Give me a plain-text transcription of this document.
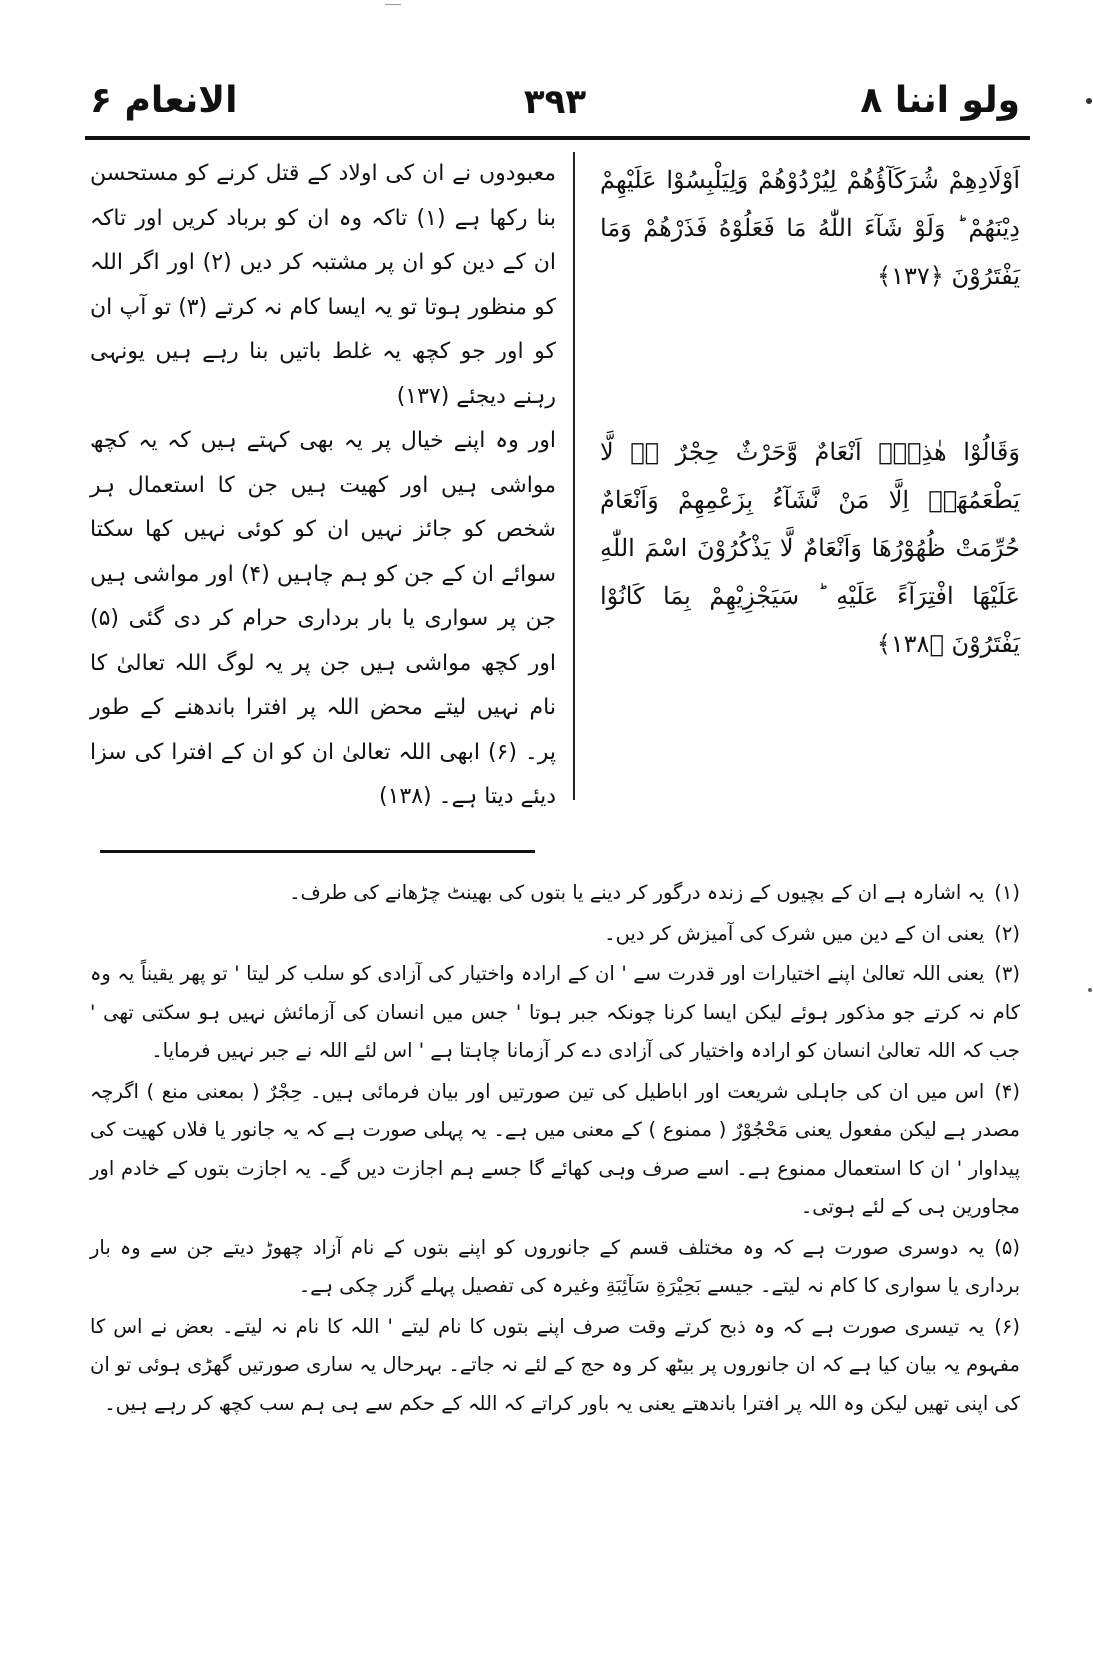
الانعام ۶	۳۹۳	ولو اننا ۸
اَوْلَادِهِمْ شُرَكَآؤُهُمْ لِیُرْدُوْهُمْ وَلِیَلْبِسُوْا عَلَیْهِمْ دِیْنَهُمْ ؕ وَلَوْ شَآءَ اللّٰهُ مَا فَعَلُوْهُ فَذَرْهُمْ وَمَا یَفْتَرُوْنَ ﴿۱۳۷﴾
وَقَالُوْا هٰذِهٖۤ اَنْعَامٌ وَّحَرْثٌ حِجْرٌ ۖۗ لَّا یَطْعَمُهَاۤ اِلَّا مَنْ نَّشَآءُ بِزَعْمِهِمْ وَاَنْعَامٌ حُرِّمَتْ ظُهُوْرُهَا وَاَنْعَامٌ لَّا یَذْكُرُوْنَ اسْمَ اللّٰهِ عَلَیْهَا افْتِرَآءً عَلَیْهِ ؕ سَیَجْزِیْهِمْ بِمَا كَانُوْا یَفْتَرُوْنَ ﴿۱۳۸﴾

معبودوں نے ان کی اولاد کے قتل کرنے کو مستحسن بنا رکھا ہے (۱) تاکہ وہ ان کو برباد کریں اور تاکہ ان کے دین کو ان پر مشتبہ کر دیں (۲) اور اگر اللہ کو منظور ہوتا تو یہ ایسا کام نہ کرتے (۳) تو آپ ان کو اور جو کچھ یہ غلط باتیں بنا رہے ہیں یونہی رہنے دیجئے (۱۳۷)

اور وہ اپنے خیال پر یہ بھی کہتے ہیں کہ یہ کچھ مواشی ہیں اور کھیت ہیں جن کا استعمال ہر شخص کو جائز نہیں ان کو کوئی نہیں کھا سکتا سوائے ان کے جن کو ہم چاہیں (۴) اور مواشی ہیں جن پر سواری یا بار برداری حرام کر دی گئی (۵) اور کچھ مواشی ہیں جن پر یہ لوگ اللہ تعالیٰ کا نام نہیں لیتے محض اللہ پر افترا باندھنے کے طور پر۔ (۶) ابھی اللہ تعالیٰ ان کو ان کے افترا کی سزا دیئے دیتا ہے۔ (۱۳۸)

(۱)یہ اشارہ ہے ان کے بچیوں کے زندہ درگور کر دینے یا بتوں کی بھینٹ چڑھانے کی طرف۔

(۲)یعنی ان کے دین میں شرک کی آمیزش کر دیں۔

(۳)یعنی اللہ تعالیٰ اپنے اختیارات اور قدرت سے ' ان کے ارادہ واختیار کی آزادی کو سلب کر لیتا ' تو پھر یقیناً یہ وہ کام نہ کرتے جو مذکور ہوئے لیکن ایسا کرنا چونکہ جبر ہوتا ' جس میں انسان کی آزمائش نہیں ہو سکتی تھی ' جب کہ اللہ تعالیٰ انسان کو ارادہ واختیار کی آزادی دے کر آزمانا چاہتا ہے ' اس لئے اللہ نے جبر نہیں فرمایا۔

(۴)اس میں ان کی جاہلی شریعت اور اباطیل کی تین صورتیں اور بیان فرمائی ہیں۔ حِجْرٌ ( بمعنی منع ) اگرچہ مصدر ہے لیکن مفعول یعنی مَحْجُوْرٌ ( ممنوع ) کے معنی میں ہے۔ یہ پہلی صورت ہے کہ یہ جانور یا فلاں کھیت کی پیداوار ' ان کا استعمال ممنوع ہے۔ اسے صرف وہی کھائے گا جسے ہم اجازت دیں گے۔ یہ اجازت بتوں کے خادم اور مجاورین ہی کے لئے ہوتی۔

(۵)یہ دوسری صورت ہے کہ وہ مختلف قسم کے جانوروں کو اپنے بتوں کے نام آزاد چھوڑ دیتے جن سے وہ بار برداری یا سواری کا کام نہ لیتے۔ جیسے بَحِیْرَةِ سَآئِبَةِ وغیرہ کی تفصیل پہلے گزر چکی ہے۔

(۶)یہ تیسری صورت ہے کہ وہ ذبح کرتے وقت صرف اپنے بتوں کا نام لیتے ' اللہ کا نام نہ لیتے۔ بعض نے اس کا مفہوم یہ بیان کیا ہے کہ ان جانوروں پر بیٹھ کر وہ حج کے لئے نہ جاتے۔ بہرحال یہ ساری صورتیں گھڑی ہوئی تو ان کی اپنی تھیں لیکن وہ اللہ پر افترا باندھتے یعنی یہ باور کراتے کہ اللہ کے حکم سے ہی ہم سب کچھ کر رہے ہیں۔
